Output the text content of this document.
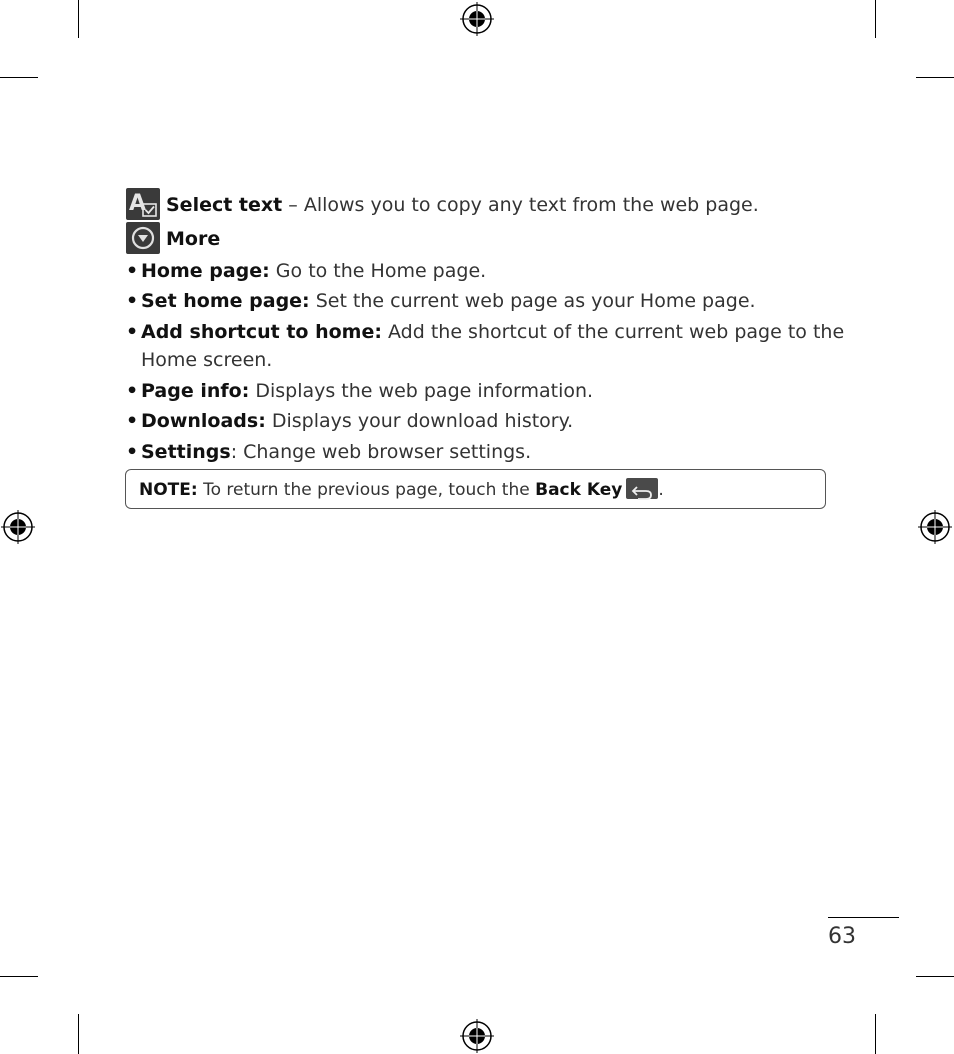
A Select text – Allows you to copy any text from the web page.
More
• Home page: Go to the Home page.
• Set home page: Set the current web page as your Home page.
• Add shortcut to home: Add the shortcut of the current web page to the
Home screen.
• Page info: Displays the web page information.
• Downloads: Displays your download history.
• Settings: Change web browser settings.
NOTE: To return the previous page, touch the Back Key .
63
